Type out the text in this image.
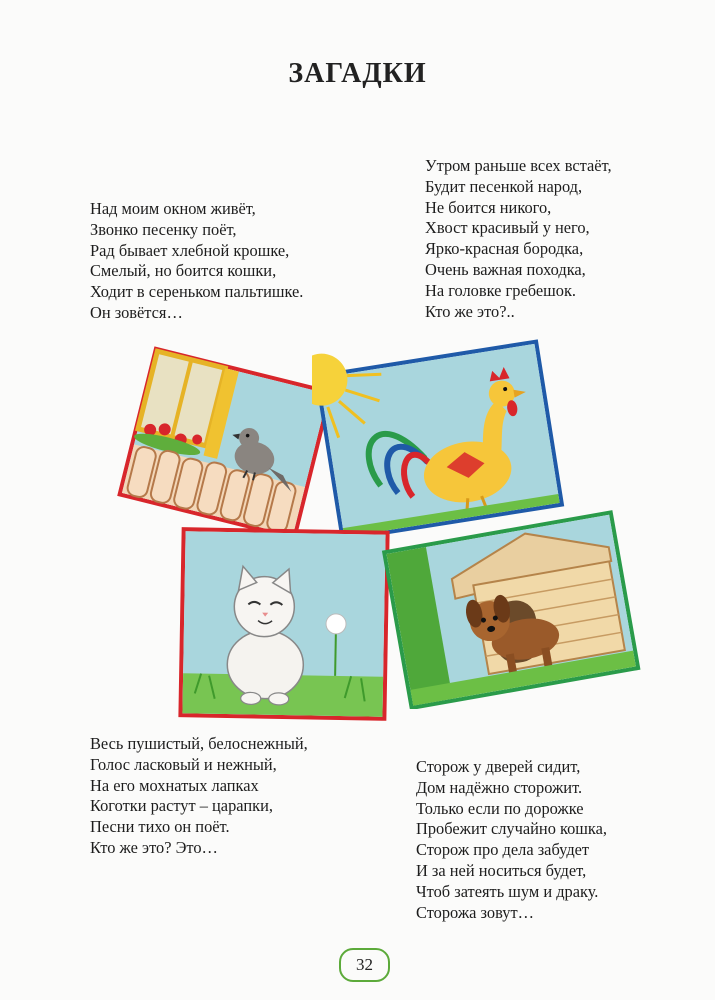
ЗАГАДКИ
Над моим окном живёт,
Звонко песенку поёт,
Рад бывает хлебной крошке,
Смелый, но боится кошки,
Ходит в сереньком пальтишке.
Он зовётся…
Утром раньше всех встаёт,
Будит песенкой народ,
Не боится никого,
Хвост красивый у него,
Ярко-красная бородка,
Очень важная походка,
На головке гребешок.
Кто же это?..
Весь пушистый, белоснежный,
Голос ласковый и нежный,
На его мохнатых лапках
Коготки растут – царапки,
Песни тихо он поёт.
Кто же это? Это…
Сторож у дверей сидит,
Дом надёжно сторожит.
Только если по дорожке
Пробежит случайно кошка,
Сторож про дела забудет
И за ней носиться будет,
Чтоб затеять шум и драку.
Сторожа зовут…
32
